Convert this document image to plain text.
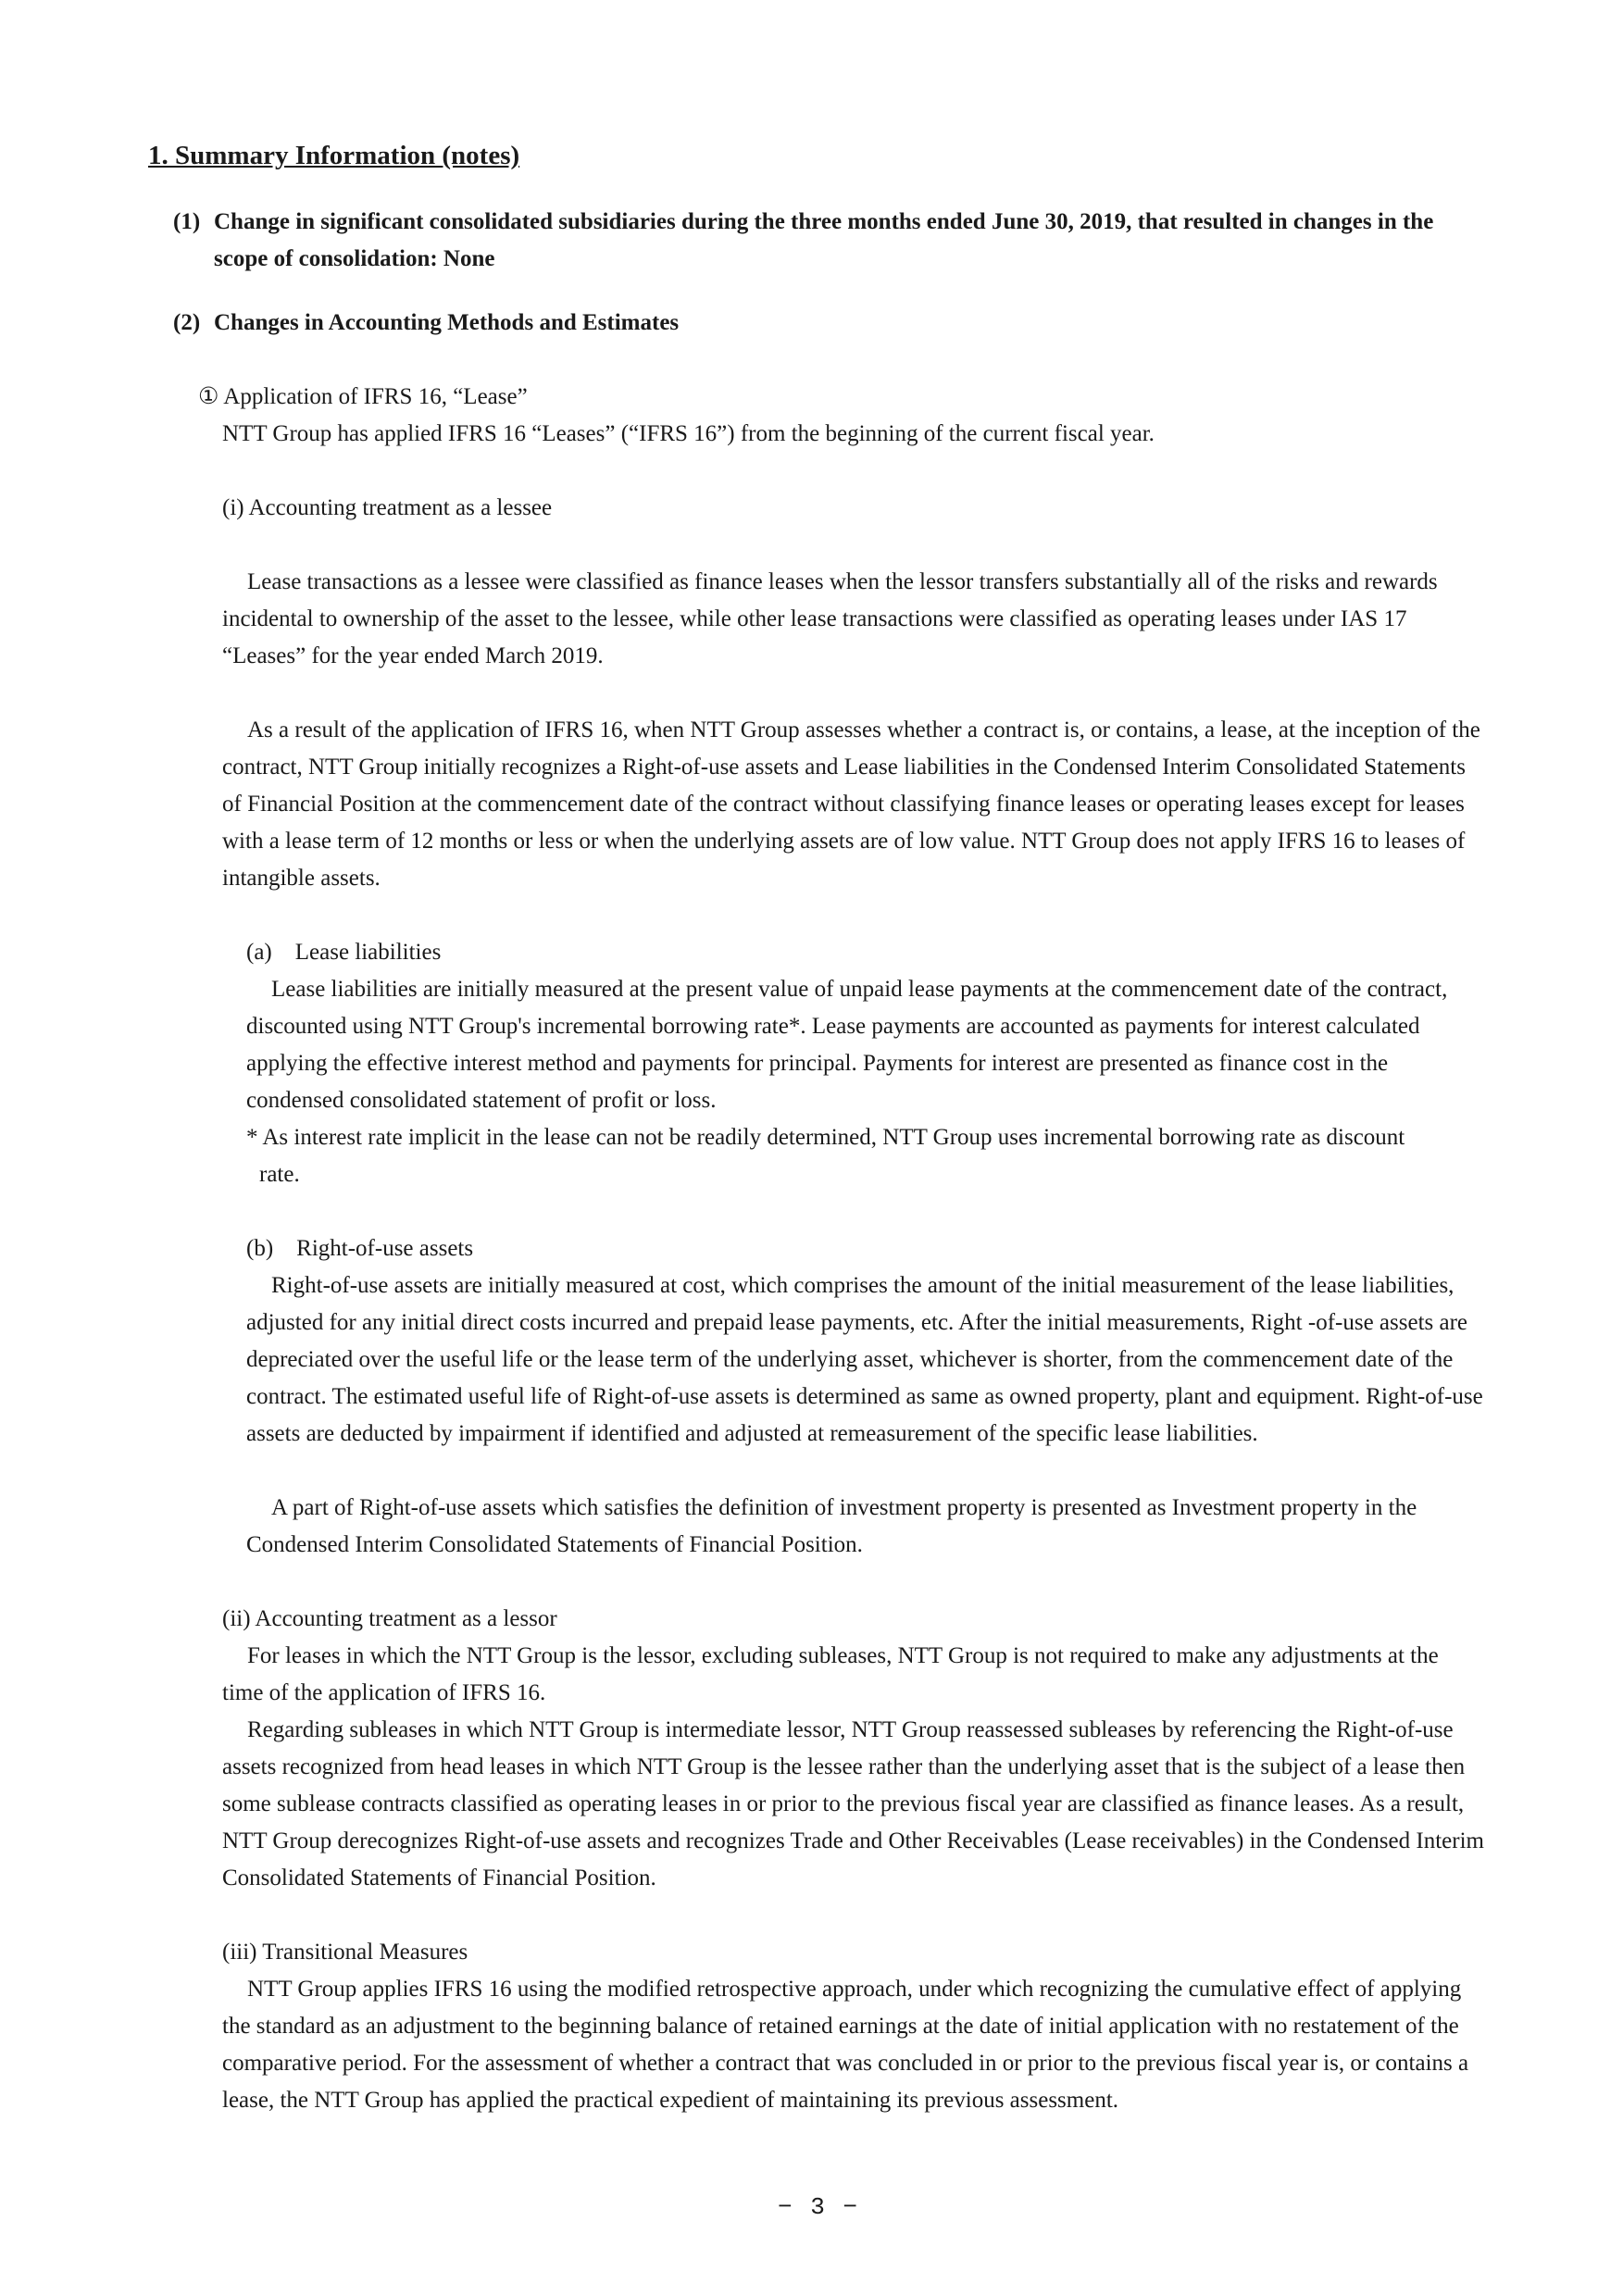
1. Summary Information (notes)
(1) Change in significant consolidated subsidiaries during the three months ended June 30, 2019, that resulted in changes in the scope of consolidation: None
(2) Changes in Accounting Methods and Estimates
① Application of IFRS 16, “Lease”
NTT Group has applied IFRS 16 “Leases” (“IFRS 16”) from the beginning of the current fiscal year.
(i) Accounting treatment as a lessee
Lease transactions as a lessee were classified as finance leases when the lessor transfers substantially all of the risks and rewards incidental to ownership of the asset to the lessee, while other lease transactions were classified as operating leases under IAS 17 “Leases” for the year ended March 2019.
As a result of the application of IFRS 16, when NTT Group assesses whether a contract is, or contains, a lease, at the inception of the contract, NTT Group initially recognizes a Right-of-use assets and Lease liabilities in the Condensed Interim Consolidated Statements of Financial Position at the commencement date of the contract without classifying finance leases or operating leases except for leases with a lease term of 12 months or less or when the underlying assets are of low value. NTT Group does not apply IFRS 16 to leases of intangible assets.
(a) Lease liabilities
Lease liabilities are initially measured at the present value of unpaid lease payments at the commencement date of the contract, discounted using NTT Group's incremental borrowing rate*. Lease payments are accounted as payments for interest calculated applying the effective interest method and payments for principal. Payments for interest are presented as finance cost in the condensed consolidated statement of profit or loss.
* As interest rate implicit in the lease can not be readily determined, NTT Group uses incremental borrowing rate as discount rate.
(b) Right-of-use assets
Right-of-use assets are initially measured at cost, which comprises the amount of the initial measurement of the lease liabilities, adjusted for any initial direct costs incurred and prepaid lease payments, etc. After the initial measurements, Right -of-use assets are depreciated over the useful life or the lease term of the underlying asset, whichever is shorter, from the commencement date of the contract. The estimated useful life of Right-of-use assets is determined as same as owned property, plant and equipment. Right-of-use assets are deducted by impairment if identified and adjusted at remeasurement of the specific lease liabilities.
A part of Right-of-use assets which satisfies the definition of investment property is presented as Investment property in the Condensed Interim Consolidated Statements of Financial Position.
(ii) Accounting treatment as a lessor
For leases in which the NTT Group is the lessor, excluding subleases, NTT Group is not required to make any adjustments at the time of the application of IFRS 16.
Regarding subleases in which NTT Group is intermediate lessor, NTT Group reassessed subleases by referencing the Right-of-use assets recognized from head leases in which NTT Group is the lessee rather than the underlying asset that is the subject of a lease then some sublease contracts classified as operating leases in or prior to the previous fiscal year are classified as finance leases. As a result, NTT Group derecognizes Right-of-use assets and recognizes Trade and Other Receivables (Lease receivables) in the Condensed Interim Consolidated Statements of Financial Position.
(iii) Transitional Measures
NTT Group applies IFRS 16 using the modified retrospective approach, under which recognizing the cumulative effect of applying the standard as an adjustment to the beginning balance of retained earnings at the date of initial application with no restatement of the comparative period. For the assessment of whether a contract that was concluded in or prior to the previous fiscal year is, or contains a lease, the NTT Group has applied the practical expedient of maintaining its previous assessment.
− 3 −
